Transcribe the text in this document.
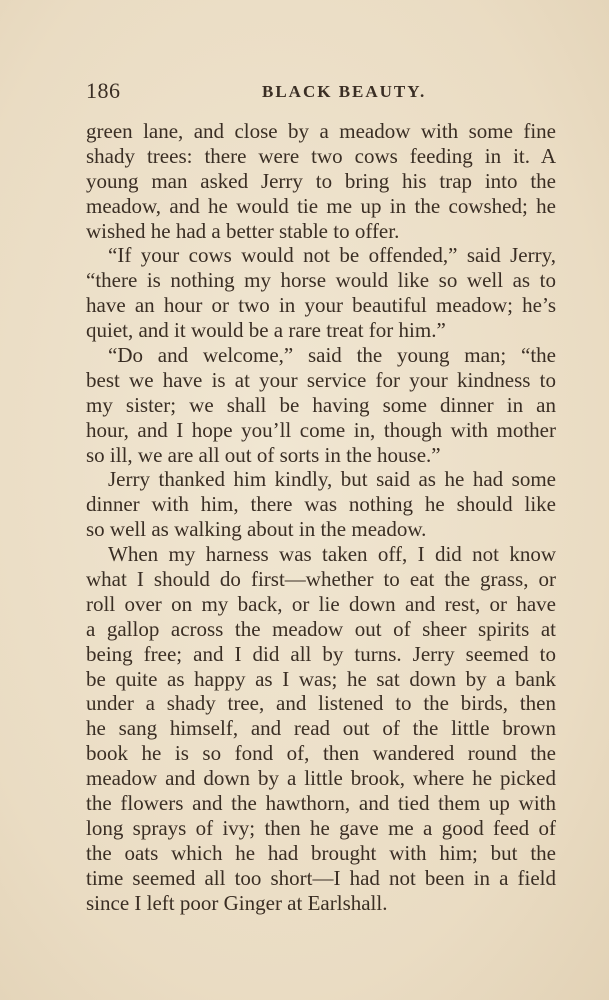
186	BLACK BEAUTY.
green lane, and close by a meadow with some fine
shady trees: there were two cows feeding in it. A
young man asked Jerry to bring his trap into the
meadow, and he would tie me up in the cowshed; he
wished he had a better stable to offer.
“If your cows would not be offended,” said Jerry,
“there is nothing my horse would like so well as to
have an hour or two in your beautiful meadow; he’s
quiet, and it would be a rare treat for him.”
“Do and welcome,” said the young man; “the
best we have is at your service for your kindness to
my sister; we shall be having some dinner in an
hour, and I hope you’ll come in, though with mother
so ill, we are all out of sorts in the house.”
Jerry thanked him kindly, but said as he had some
dinner with him, there was nothing he should like
so well as walking about in the meadow.
When my harness was taken off, I did not know
what I should do first—whether to eat the grass, or
roll over on my back, or lie down and rest, or have
a gallop across the meadow out of sheer spirits at
being free; and I did all by turns. Jerry seemed to
be quite as happy as I was; he sat down by a bank
under a shady tree, and listened to the birds, then
he sang himself, and read out of the little brown
book he is so fond of, then wandered round the
meadow and down by a little brook, where he picked
the flowers and the hawthorn, and tied them up with
long sprays of ivy; then he gave me a good feed of
the oats which he had brought with him; but the
time seemed all too short—I had not been in a field
since I left poor Ginger at Earlshall.
